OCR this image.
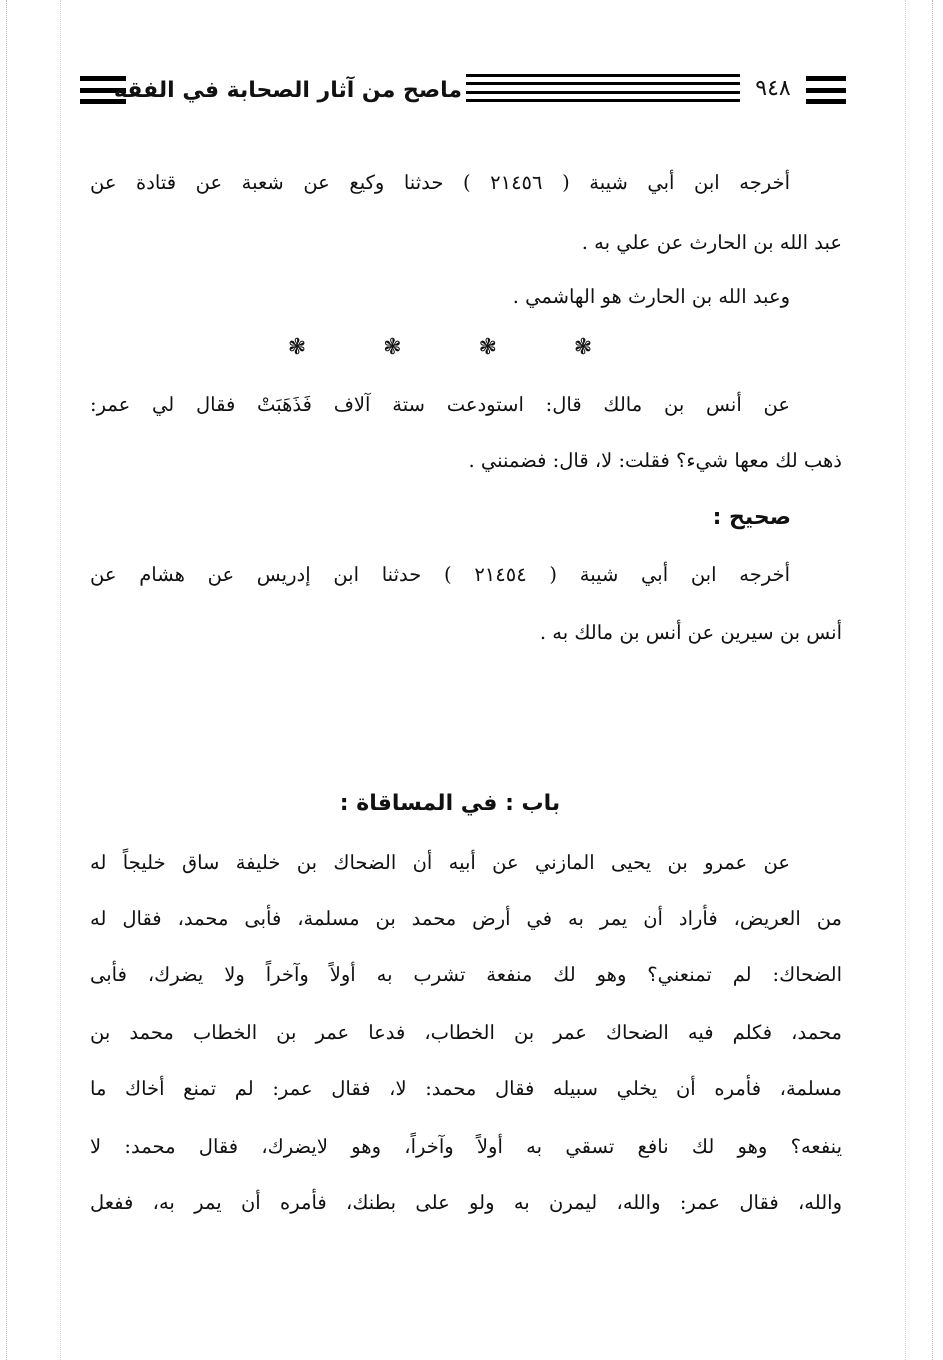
ماصح من آثار الصحابة في الفقه	٩٤٨
أخرجه ابن أبي شيبة ( ٢١٤٥٦ ) حدثنا وكيع عن شعبة عن قتادة عن
عبد الله بن الحارث عن علي به .
وعبد الله بن الحارث هو الهاشمي .
❃	❃	❃	❃
عن أنس بن مالك قال: استودعت ستة آلاف فَذَهَبَتْ فقال لي عمر:
ذهب لك معها شيء؟ فقلت: لا، قال: فضمنني .
صحيح :
أخرجه ابن أبي شيبة ( ٢١٤٥٤ ) حدثنا ابن إدريس عن هشام عن
أنس بن سيرين عن أنس بن مالك به .
باب : في المساقاة :
عن عمرو بن يحيى المازني عن أبيه أن الضحاك بن خليفة ساق خليجاً له
من العريض، فأراد أن يمر به في أرض محمد بن مسلمة، فأبى محمد، فقال له
الضحاك: لم تمنعني؟ وهو لك منفعة تشرب به أولاً وآخراً ولا يضرك، فأبى
محمد، فكلم فيه الضحاك عمر بن الخطاب، فدعا عمر بن الخطاب محمد بن
مسلمة، فأمره أن يخلي سبيله فقال محمد: لا، فقال عمر: لم تمنع أخاك ما
ينفعه؟ وهو لك نافع تسقي به أولاً وآخراً، وهو لايضرك، فقال محمد: لا
والله، فقال عمر: والله، ليمرن به ولو على بطنك، فأمره أن يمر به، ففعل
